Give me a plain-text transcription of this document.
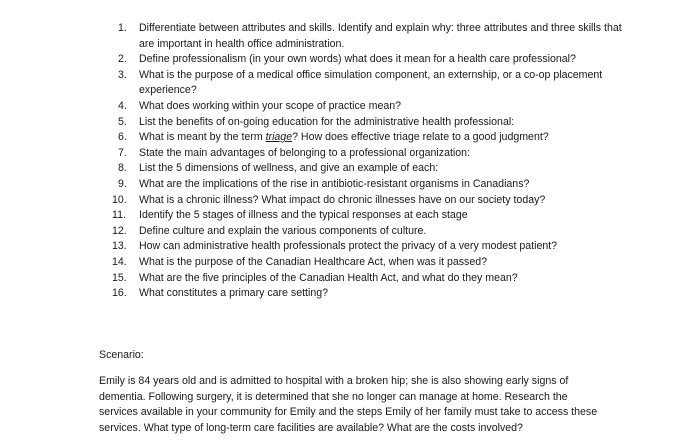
1.	Differentiate between attributes and skills. Identify and explain why: three attributes and three skills that are important in health office administration.
2.	Define professionalism (in your own words) what does it mean for a health care professional?
3.	What is the purpose of a medical office simulation component, an externship, or a co-op placement experience?
4.	What does working within your scope of practice mean?
5.	List the benefits of on-going education for the administrative health professional:
6.	What is meant by the term triage? How does effective triage relate to a good judgment?
7.	State the main advantages of belonging to a professional organization:
8.	List the 5 dimensions of wellness, and give an example of each:
9.	What are the implications of the rise in antibiotic-resistant organisms in Canadians?
10.	What is a chronic illness? What impact do chronic illnesses have on our society today?
11.	Identify the 5 stages of illness and the typical responses at each stage
12.	Define culture and explain the various components of culture.
13.	How can administrative health professionals protect the privacy of a very modest patient?
14.	What is the purpose of the Canadian Healthcare Act, when was it passed?
15.	What are the five principles of the Canadian Health Act, and what do they mean?
16.	What constitutes a primary care setting?
Scenario:
Emily is 84 years old and is admitted to hospital with a broken hip; she is also showing early signs of dementia. Following surgery, it is determined that she no longer can manage at home. Research the services available in your community for Emily and the steps Emily of her family must take to access these services. What type of long-term care facilities are available? What are the costs involved?
